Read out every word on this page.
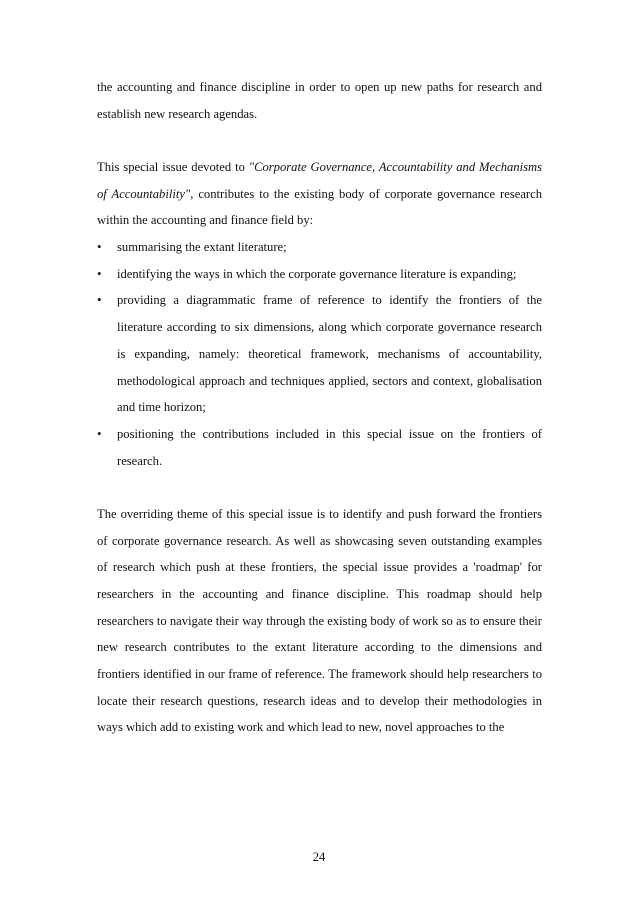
the accounting and finance discipline in order to open up new paths for research and establish new research agendas.

This special issue devoted to "Corporate Governance, Accountability and Mechanisms of Accountability", contributes to the existing body of corporate governance research within the accounting and finance field by:

•	summarising the extant literature;
•	identifying the ways in which the corporate governance literature is expanding;
•	providing a diagrammatic frame of reference to identify the frontiers of the literature according to six dimensions, along which corporate governance research is expanding, namely: theoretical framework, mechanisms of accountability, methodological approach and techniques applied, sectors and context, globalisation and time horizon;
•	positioning the contributions included in this special issue on the frontiers of research.

The overriding theme of this special issue is to identify and push forward the frontiers of corporate governance research. As well as showcasing seven outstanding examples of research which push at these frontiers, the special issue provides a 'roadmap' for researchers in the accounting and finance discipline. This roadmap should help researchers to navigate their way through the existing body of work so as to ensure their new research contributes to the extant literature according to the dimensions and frontiers identified in our frame of reference. The framework should help researchers to locate their research questions, research ideas and to develop their methodologies in ways which add to existing work and which lead to new, novel approaches to the

24
